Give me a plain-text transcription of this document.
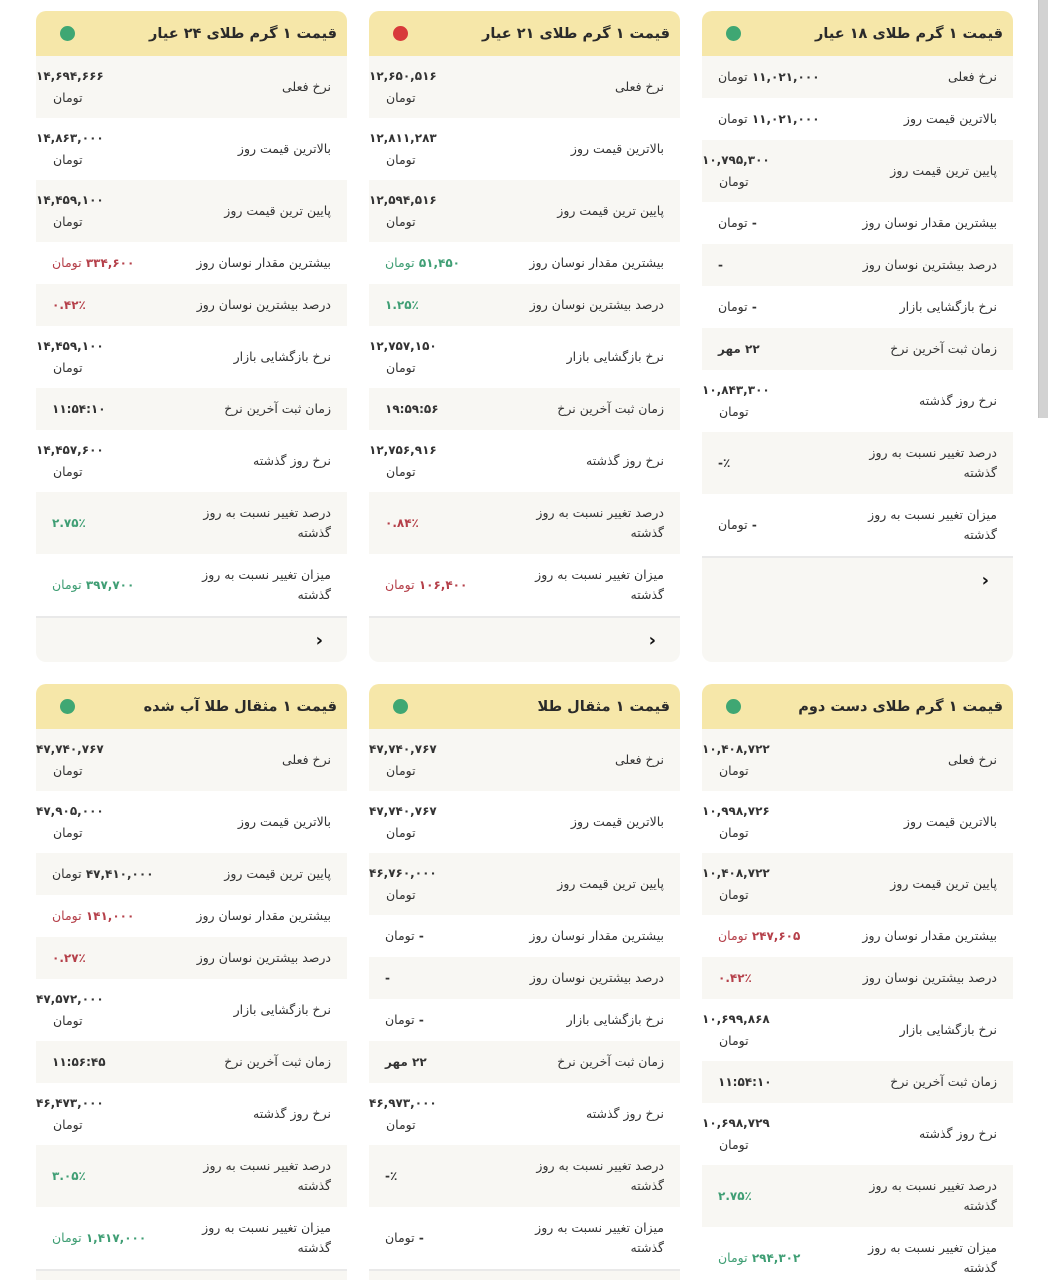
قیمت ۱ گرم طلای ۱۸ عیار
نرخ فعلی
۱۱,۰۲۱,۰۰۰ تومان
بالاترین قیمت روز
۱۱,۰۲۱,۰۰۰ تومان
پایین ترین قیمت روز
۱۰,۷۹۵,۳۰۰
تومان
بیشترین مقدار نوسان روز
- تومان
درصد بیشترین نوسان روز
-
نرخ بازگشایی بازار
- تومان
زمان ثبت آخرین نرخ
۲۲ مهر
نرخ روز گذشته
۱۰,۸۴۳,۳۰۰
تومان
درصد تغییر نسبت به روز گذشته
٪-
میزان تغییر نسبت به روز گذشته
- تومان
‹
قیمت ۱ گرم طلای ۲۱ عیار
نرخ فعلی
۱۲,۶۵۰,۵۱۶
تومان
بالاترین قیمت روز
۱۲,۸۱۱,۲۸۳
تومان
پایین ترین قیمت روز
۱۲,۵۹۴,۵۱۶
تومان
بیشترین مقدار نوسان روز
۵۱,۴۵۰ تومان
درصد بیشترین نوسان روز
۱.۲۵٪
نرخ بازگشایی بازار
۱۲,۷۵۷,۱۵۰
تومان
زمان ثبت آخرین نرخ
۱۹:۵۹:۵۶
نرخ روز گذشته
۱۲,۷۵۶,۹۱۶
تومان
درصد تغییر نسبت به روز گذشته
۰.۸۴٪
میزان تغییر نسبت به روز گذشته
۱۰۶,۴۰۰ تومان
‹
قیمت ۱ گرم طلای ۲۴ عیار
نرخ فعلی
۱۴,۶۹۴,۶۶۶
تومان
بالاترین قیمت روز
۱۴,۸۶۳,۰۰۰
تومان
پایین ترین قیمت روز
۱۴,۴۵۹,۱۰۰
تومان
بیشترین مقدار نوسان روز
۳۳۴,۶۰۰ تومان
درصد بیشترین نوسان روز
۰.۴۲٪
نرخ بازگشایی بازار
۱۴,۴۵۹,۱۰۰
تومان
زمان ثبت آخرین نرخ
۱۱:۵۴:۱۰
نرخ روز گذشته
۱۴,۴۵۷,۶۰۰
تومان
درصد تغییر نسبت به روز گذشته
۲.۷۵٪
میزان تغییر نسبت به روز گذشته
۳۹۷,۷۰۰ تومان
‹
قیمت ۱ گرم طلای دست دوم
نرخ فعلی
۱۰,۴۰۸,۷۲۲
تومان
بالاترین قیمت روز
۱۰,۹۹۸,۷۲۶
تومان
پایین ترین قیمت روز
۱۰,۴۰۸,۷۲۲
تومان
بیشترین مقدار نوسان روز
۲۴۷,۶۰۵ تومان
درصد بیشترین نوسان روز
۰.۴۲٪
نرخ بازگشایی بازار
۱۰,۶۹۹,۸۶۸
تومان
زمان ثبت آخرین نرخ
۱۱:۵۴:۱۰
نرخ روز گذشته
۱۰,۶۹۸,۷۲۹
تومان
درصد تغییر نسبت به روز گذشته
۲.۷۵٪
میزان تغییر نسبت به روز گذشته
۲۹۴,۳۰۲ تومان
قیمت ۱ مثقال طلا
نرخ فعلی
۴۷,۷۴۰,۷۶۷
تومان
بالاترین قیمت روز
۴۷,۷۴۰,۷۶۷
تومان
پایین ترین قیمت روز
۴۶,۷۶۰,۰۰۰
تومان
بیشترین مقدار نوسان روز
- تومان
درصد بیشترین نوسان روز
-
نرخ بازگشایی بازار
- تومان
زمان ثبت آخرین نرخ
۲۲ مهر
نرخ روز گذشته
۴۶,۹۷۳,۰۰۰
تومان
درصد تغییر نسبت به روز گذشته
٪-
میزان تغییر نسبت به روز گذشته
- تومان
قیمت ۱ مثقال طلا آب شده
نرخ فعلی
۴۷,۷۴۰,۷۶۷
تومان
بالاترین قیمت روز
۴۷,۹۰۵,۰۰۰
تومان
پایین ترین قیمت روز
۴۷,۴۱۰,۰۰۰ تومان
بیشترین مقدار نوسان روز
۱۴۱,۰۰۰ تومان
درصد بیشترین نوسان روز
۰.۲۷٪
نرخ بازگشایی بازار
۴۷,۵۷۲,۰۰۰
تومان
زمان ثبت آخرین نرخ
۱۱:۵۶:۴۵
نرخ روز گذشته
۴۶,۴۷۳,۰۰۰
تومان
درصد تغییر نسبت به روز گذشته
۳.۰۵٪
میزان تغییر نسبت به روز گذشته
۱,۴۱۷,۰۰۰ تومان
